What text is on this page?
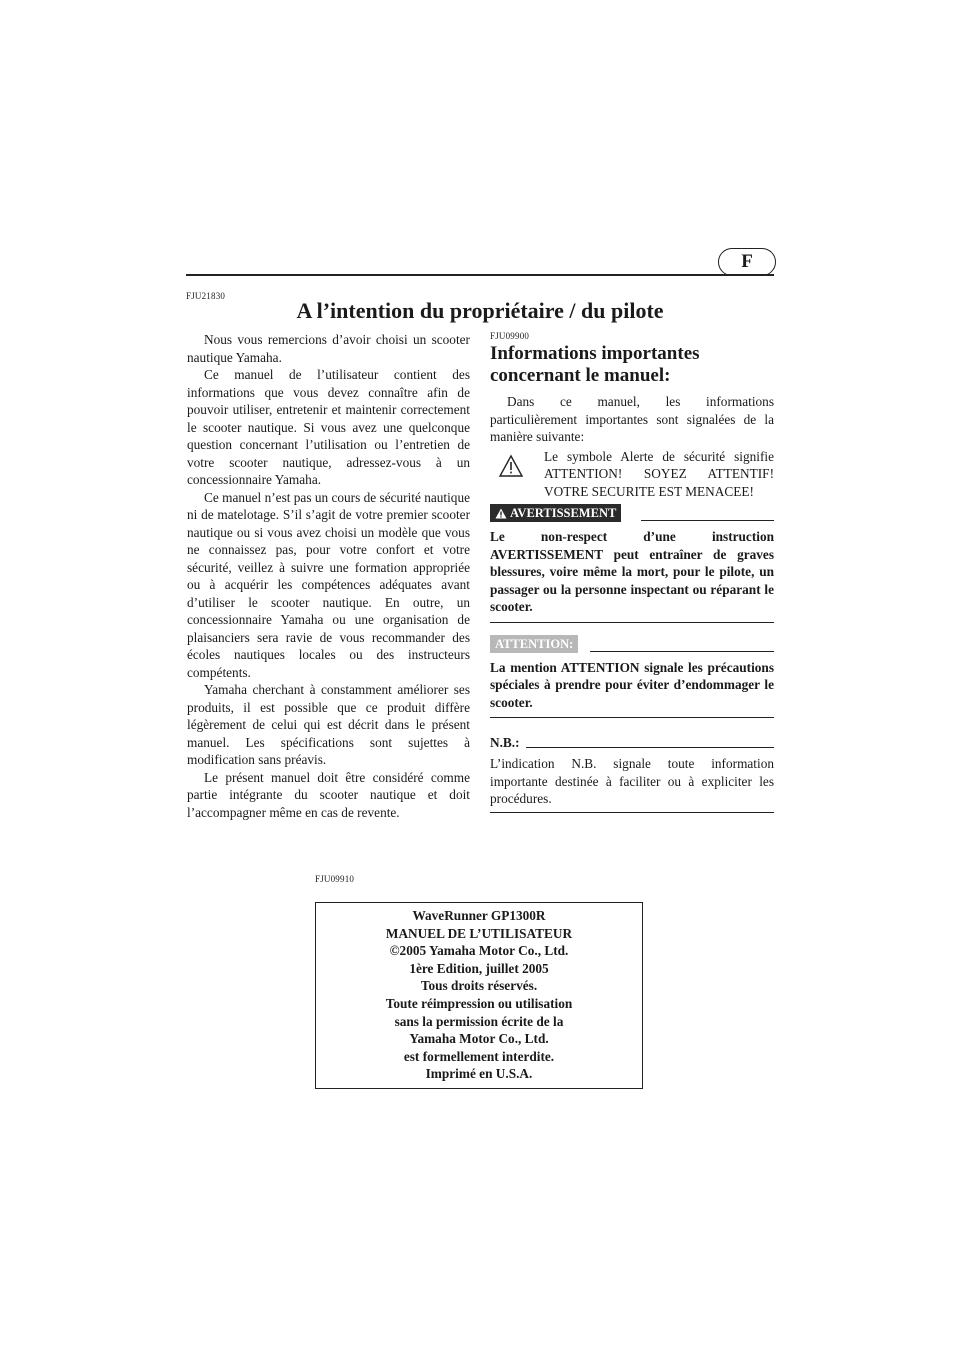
F
FJU21830
A l’intention du propriétaire / du pilote

Nous vous remercions d’avoir choisi un scooter nautique Yamaha.

Ce manuel de l’utilisateur contient des informations que vous devez connaître afin de pouvoir utiliser, entretenir et maintenir correctement le scooter nautique. Si vous avez une quelconque question concernant l’utilisation ou l’entretien de votre scooter nautique, adressez-vous à un concessionnaire Yamaha.

Ce manuel n’est pas un cours de sécurité nautique ni de matelotage. S’il s’agit de votre premier scooter nautique ou si vous avez choisi un modèle que vous ne connaissez pas, pour votre confort et votre sécurité, veillez à suivre une formation appropriée ou à acquérir les compétences adéquates avant d’utiliser le scooter nautique. En outre, un concessionnaire Yamaha ou une organisation de plaisanciers sera ravie de vous recommander des écoles nautiques locales ou des instructeurs compétents.

Yamaha cherchant à constamment améliorer ses produits, il est possible que ce produit diffère légèrement de celui qui est décrit dans le présent manuel. Les spécifications sont sujettes à modification sans préavis.

Le présent manuel doit être considéré comme partie intégrante du scooter nautique et doit l’accompagner même en cas de revente.

FJU09900
Informations importantes
concernant le manuel:

Dans ce manuel, les informations particulièrement importantes sont signalées de la manière suivante:

Le symbole Alerte de sécurité signifie ATTENTION! SOYEZ ATTENTIF! VOTRE SECURITE EST MENACEE!
AVERTISSEMENT

Le non-respect d’une instruction AVERTISSEMENT peut entraîner de graves blessures, voire même la mort, pour le pilote, un passager ou la personne inspectant ou réparant le scooter.

ATTENTION:

La mention ATTENTION signale les précautions spéciales à prendre pour éviter d’endommager le scooter.

N.B.:

L’indication N.B. signale toute information importante destinée à faciliter ou à expliciter les procédures.

FJU09910
WaveRunner GP1300R
MANUEL DE L’UTILISATEUR
©2005 Yamaha Motor Co., Ltd.
1ère Edition, juillet 2005
Tous droits réservés.
Toute réimpression ou utilisation
sans la permission écrite de la
Yamaha Motor Co., Ltd.
est formellement interdite.
Imprimé en U.S.A.
